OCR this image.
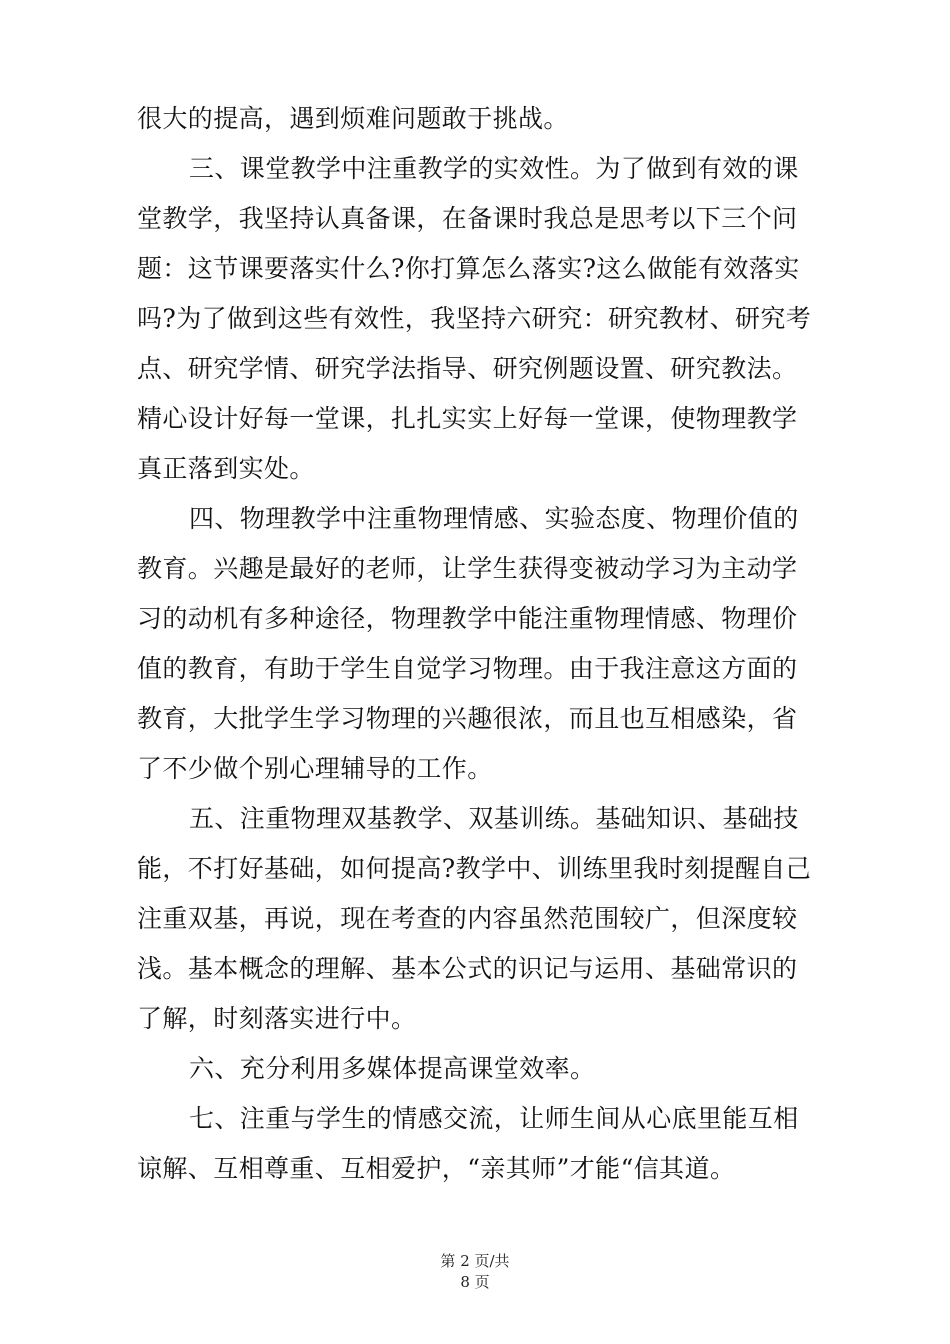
很大的提高，遇到烦难问题敢于挑战。
三、课堂教学中注重教学的实效性。为了做到有效的课
堂教学，我坚持认真备课，在备课时我总是思考以下三个问
题：这节课要落实什么?你打算怎么落实?这么做能有效落实
吗?为了做到这些有效性，我坚持六研究：研究教材、研究考
点、研究学情、研究学法指导、研究例题设置、研究教法。
精心设计好每一堂课，扎扎实实上好每一堂课，使物理教学
真正落到实处。
四、物理教学中注重物理情感、实验态度、物理价值的
教育。兴趣是最好的老师，让学生获得变被动学习为主动学
习的动机有多种途径，物理教学中能注重物理情感、物理价
值的教育，有助于学生自觉学习物理。由于我注意这方面的
教育，大批学生学习物理的兴趣很浓，而且也互相感染，省
了不少做个别心理辅导的工作。
五、注重物理双基教学、双基训练。基础知识、基础技
能，不打好基础，如何提高?教学中、训练里我时刻提醒自己
注重双基，再说，现在考查的内容虽然范围较广，但深度较
浅。基本概念的理解、基本公式的识记与运用、基础常识的
了解，时刻落实进行中。
六、充分利用多媒体提高课堂效率。
七、注重与学生的情感交流，让师生间从心底里能互相
谅解、互相尊重、互相爱护，“亲其师”才能“信其道。
第 2 页/共
8 页
